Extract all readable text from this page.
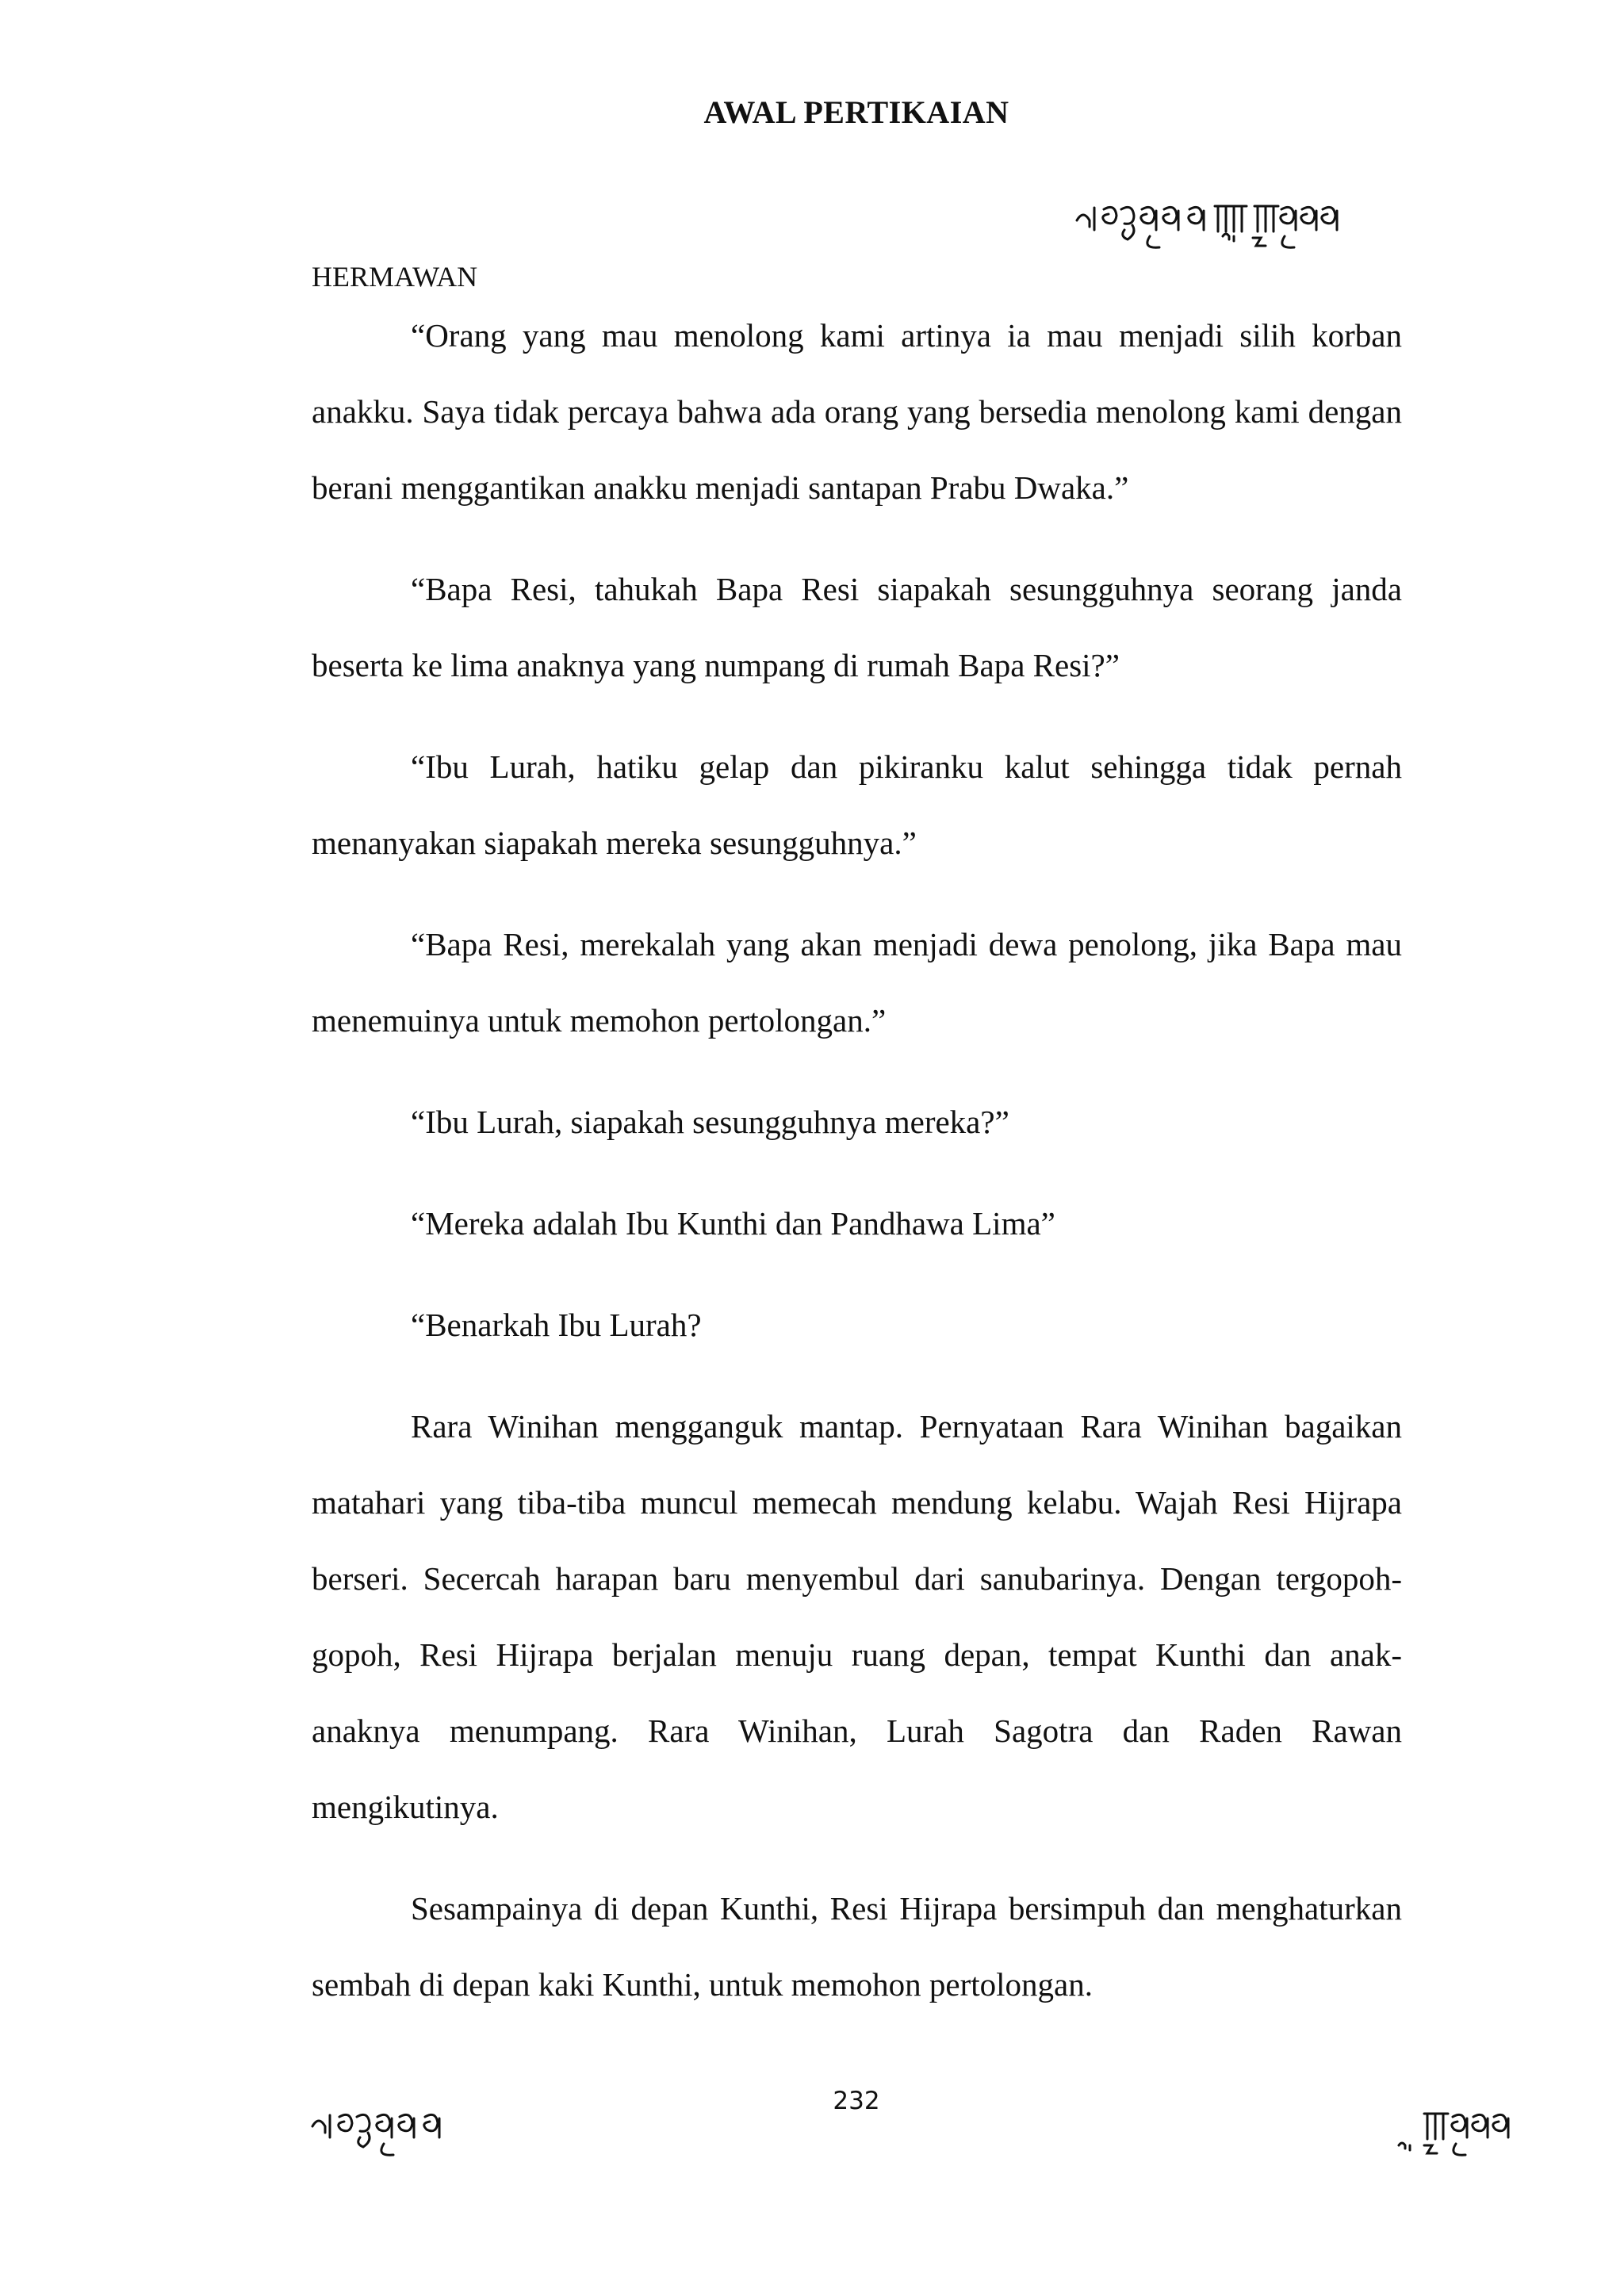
AWAL PERTIKAIAN
HERMAWAN

“Orang yang mau menolong kami artinya ia mau menjadi silih korban anakku. Saya tidak percaya bahwa ada orang yang bersedia menolong kami dengan berani menggantikan anakku menjadi santapan Prabu Dwaka.”

“Bapa Resi, tahukah Bapa Resi siapakah sesungguhnya seorang janda beserta ke lima anaknya yang numpang di rumah Bapa Resi?”

“Ibu Lurah, hatiku gelap dan pikiranku kalut sehingga tidak pernah menanyakan siapakah mereka sesungguhnya.”

“Bapa Resi, merekalah yang akan menjadi dewa penolong, jika Bapa mau menemuinya untuk memohon pertolongan.”

“Ibu Lurah, siapakah sesungguhnya mereka?”

“Mereka adalah Ibu Kunthi dan Pandhawa Lima”

“Benarkah Ibu Lurah?

Rara Winihan mengganguk mantap. Pernyataan Rara Winihan bagaikan matahari yang tiba-tiba muncul memecah mendung kelabu. Wajah Resi Hijrapa berseri. Secercah harapan baru menyembul dari sanubarinya. Dengan tergopoh-gopoh, Resi Hijrapa berjalan menuju ruang depan, tempat Kunthi dan anak-anaknya menumpang. Rara Winihan, Lurah Sagotra dan Raden Rawan mengikutinya.

Sesampainya di depan Kunthi, Resi Hijrapa bersimpuh dan menghaturkan sembah di depan kaki Kunthi, untuk memohon pertolongan.

232
